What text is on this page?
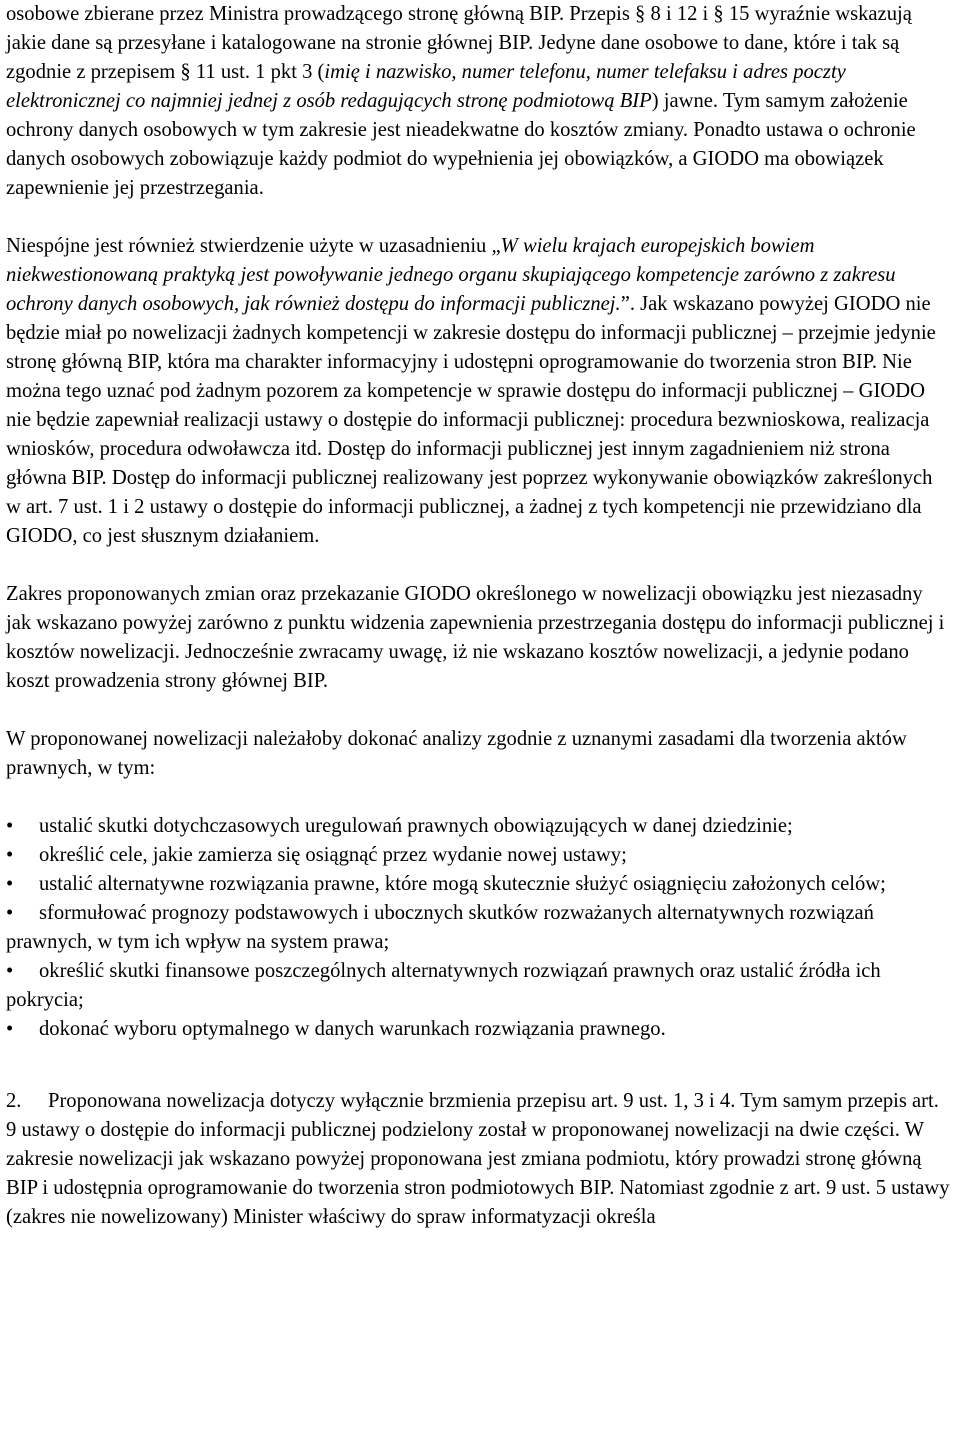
osobowe zbierane przez Ministra prowadzącego stronę główną BIP. Przepis § 8 i 12 i § 15 wyraźnie wskazują jakie dane są przesyłane i katalogowane na stronie głównej BIP. Jedyne dane osobowe to dane, które i tak są zgodnie z przepisem § 11 ust. 1 pkt 3 (imię i nazwisko, numer telefonu, numer telefaksu i adres poczty elektronicznej co najmniej jednej z osób redagujących stronę podmiotową BIP) jawne. Tym samym założenie ochrony danych osobowych w tym zakresie jest nieadekwatne do kosztów zmiany. Ponadto ustawa o ochronie danych osobowych zobowiązuje każdy podmiot do wypełnienia jej obowiązków, a GIODO ma obowiązek zapewnienie jej przestrzegania.

Niespójne jest również stwierdzenie użyte w uzasadnieniu „W wielu krajach europejskich bowiem niekwestionowaną praktyką jest powoływanie jednego organu skupiającego kompetencje zarówno z zakresu ochrony danych osobowych, jak również dostępu do informacji publicznej.”. Jak wskazano powyżej GIODO nie będzie miał po nowelizacji żadnych kompetencji w zakresie dostępu do informacji publicznej – przejmie jedynie stronę główną BIP, która ma charakter informacyjny i udostępni oprogramowanie do tworzenia stron BIP. Nie można tego uznać pod żadnym pozorem za kompetencje w sprawie dostępu do informacji publicznej – GIODO nie będzie zapewniał realizacji ustawy o dostępie do informacji publicznej: procedura bezwnioskowa, realizacja wniosków, procedura odwoławcza itd. Dostęp do informacji publicznej jest innym zagadnieniem niż strona główna BIP. Dostęp do informacji publicznej realizowany jest poprzez wykonywanie obowiązków zakreślonych w art. 7 ust. 1 i 2 ustawy o dostępie do informacji publicznej, a żadnej z tych kompetencji nie przewidziano dla GIODO, co jest słusznym działaniem.

Zakres proponowanych zmian oraz przekazanie GIODO określonego w nowelizacji obowiązku jest niezasadny jak wskazano powyżej zarówno z punktu widzenia zapewnienia przestrzegania dostępu do informacji publicznej i kosztów nowelizacji. Jednocześnie zwracamy uwagę, iż nie wskazano kosztów nowelizacji, a jedynie podano koszt prowadzenia strony głównej BIP.

W proponowanej nowelizacji należałoby dokonać analizy zgodnie z uznanymi zasadami dla tworzenia aktów prawnych, w tym:

• ustalić skutki dotychczasowych uregulowań prawnych obowiązujących w danej dziedzinie;
• określić cele, jakie zamierza się osiągnąć przez wydanie nowej ustawy;
• ustalić alternatywne rozwiązania prawne, które mogą skutecznie służyć osiągnięciu założonych celów;
• sformułować prognozy podstawowych i ubocznych skutków rozważanych alternatywnych rozwiązań prawnych, w tym ich wpływ na system prawa;
• określić skutki finansowe poszczególnych alternatywnych rozwiązań prawnych oraz ustalić źródła ich pokrycia;
• dokonać wyboru optymalnego w danych warunkach rozwiązania prawnego.

2. Proponowana nowelizacja dotyczy wyłącznie brzmienia przepisu art. 9 ust. 1, 3 i 4. Tym samym przepis art. 9 ustawy o dostępie do informacji publicznej podzielony został w proponowanej nowelizacji na dwie części. W zakresie nowelizacji jak wskazano powyżej proponowana jest zmiana podmiotu, który prowadzi stronę główną BIP i udostępnia oprogramowanie do tworzenia stron podmiotowych BIP. Natomiast zgodnie z art. 9 ust. 5 ustawy (zakres nie nowelizowany) Minister właściwy do spraw informatyzacji określa
